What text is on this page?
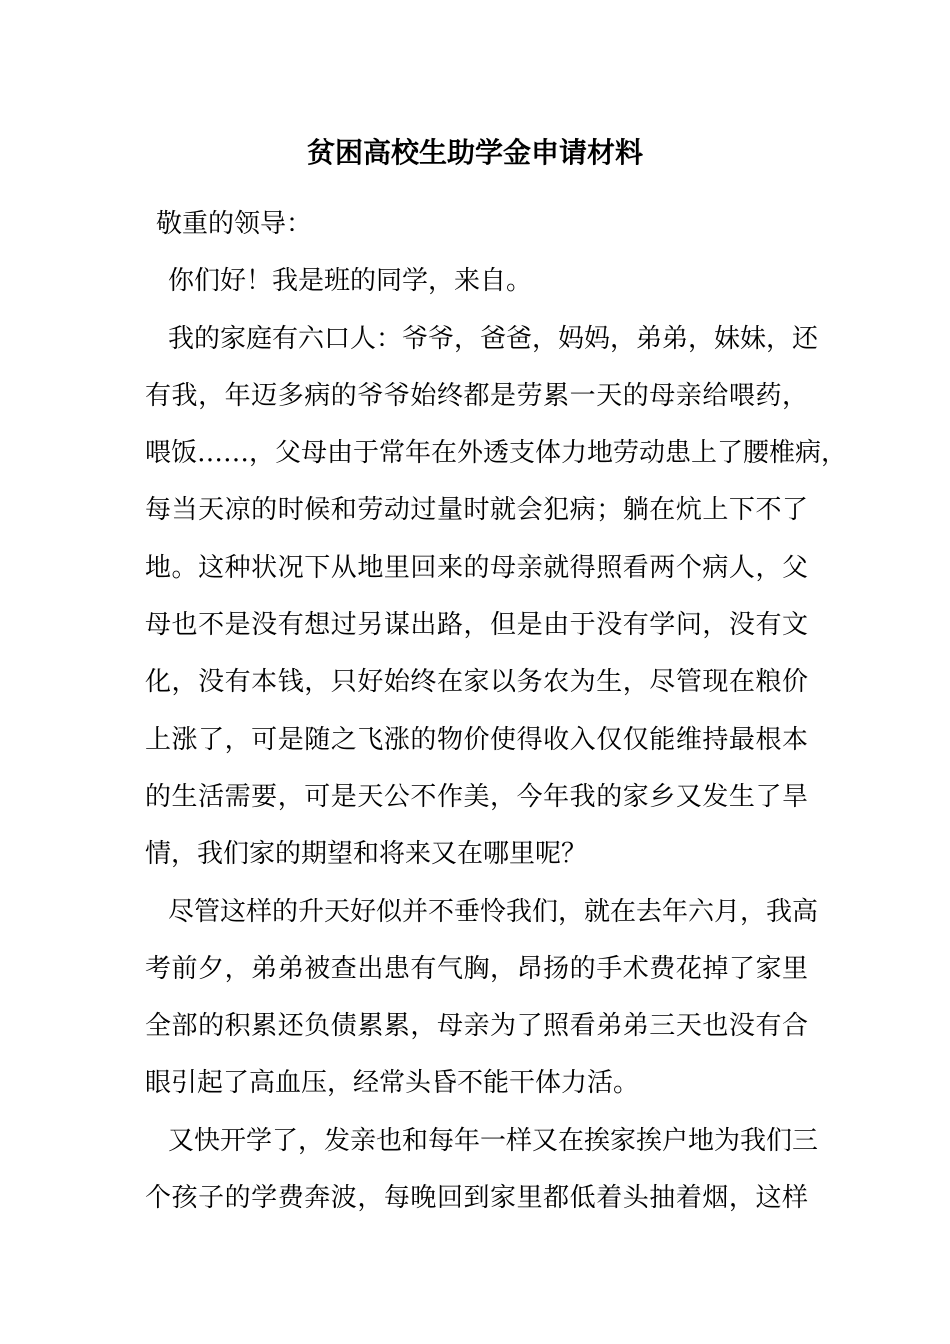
贫困高校生助学金申请材料
敬重的领导：
你们好！我是班的同学，来自。
我的家庭有六口人：爷爷，爸爸，妈妈，弟弟，妹妹，还
有我，年迈多病的爷爷始终都是劳累一天的母亲给喂药，
喂饭……，父母由于常年在外透支体力地劳动患上了腰椎病，
每当天凉的时候和劳动过量时就会犯病；躺在炕上下不了
地。这种状况下从地里回来的母亲就得照看两个病人，父
母也不是没有想过另谋出路，但是由于没有学问，没有文
化，没有本钱，只好始终在家以务农为生，尽管现在粮价
上涨了，可是随之飞涨的物价使得收入仅仅能维持最根本
的生活需要，可是天公不作美，今年我的家乡又发生了旱
情，我们家的期望和将来又在哪里呢？
尽管这样的升天好似并不垂怜我们，就在去年六月，我高
考前夕，弟弟被查出患有气胸，昂扬的手术费花掉了家里
全部的积累还负债累累，母亲为了照看弟弟三天也没有合
眼引起了高血压，经常头昏不能干体力活。
又快开学了，发亲也和每年一样又在挨家挨户地为我们三
个孩子的学费奔波，每晚回到家里都低着头抽着烟，这样
